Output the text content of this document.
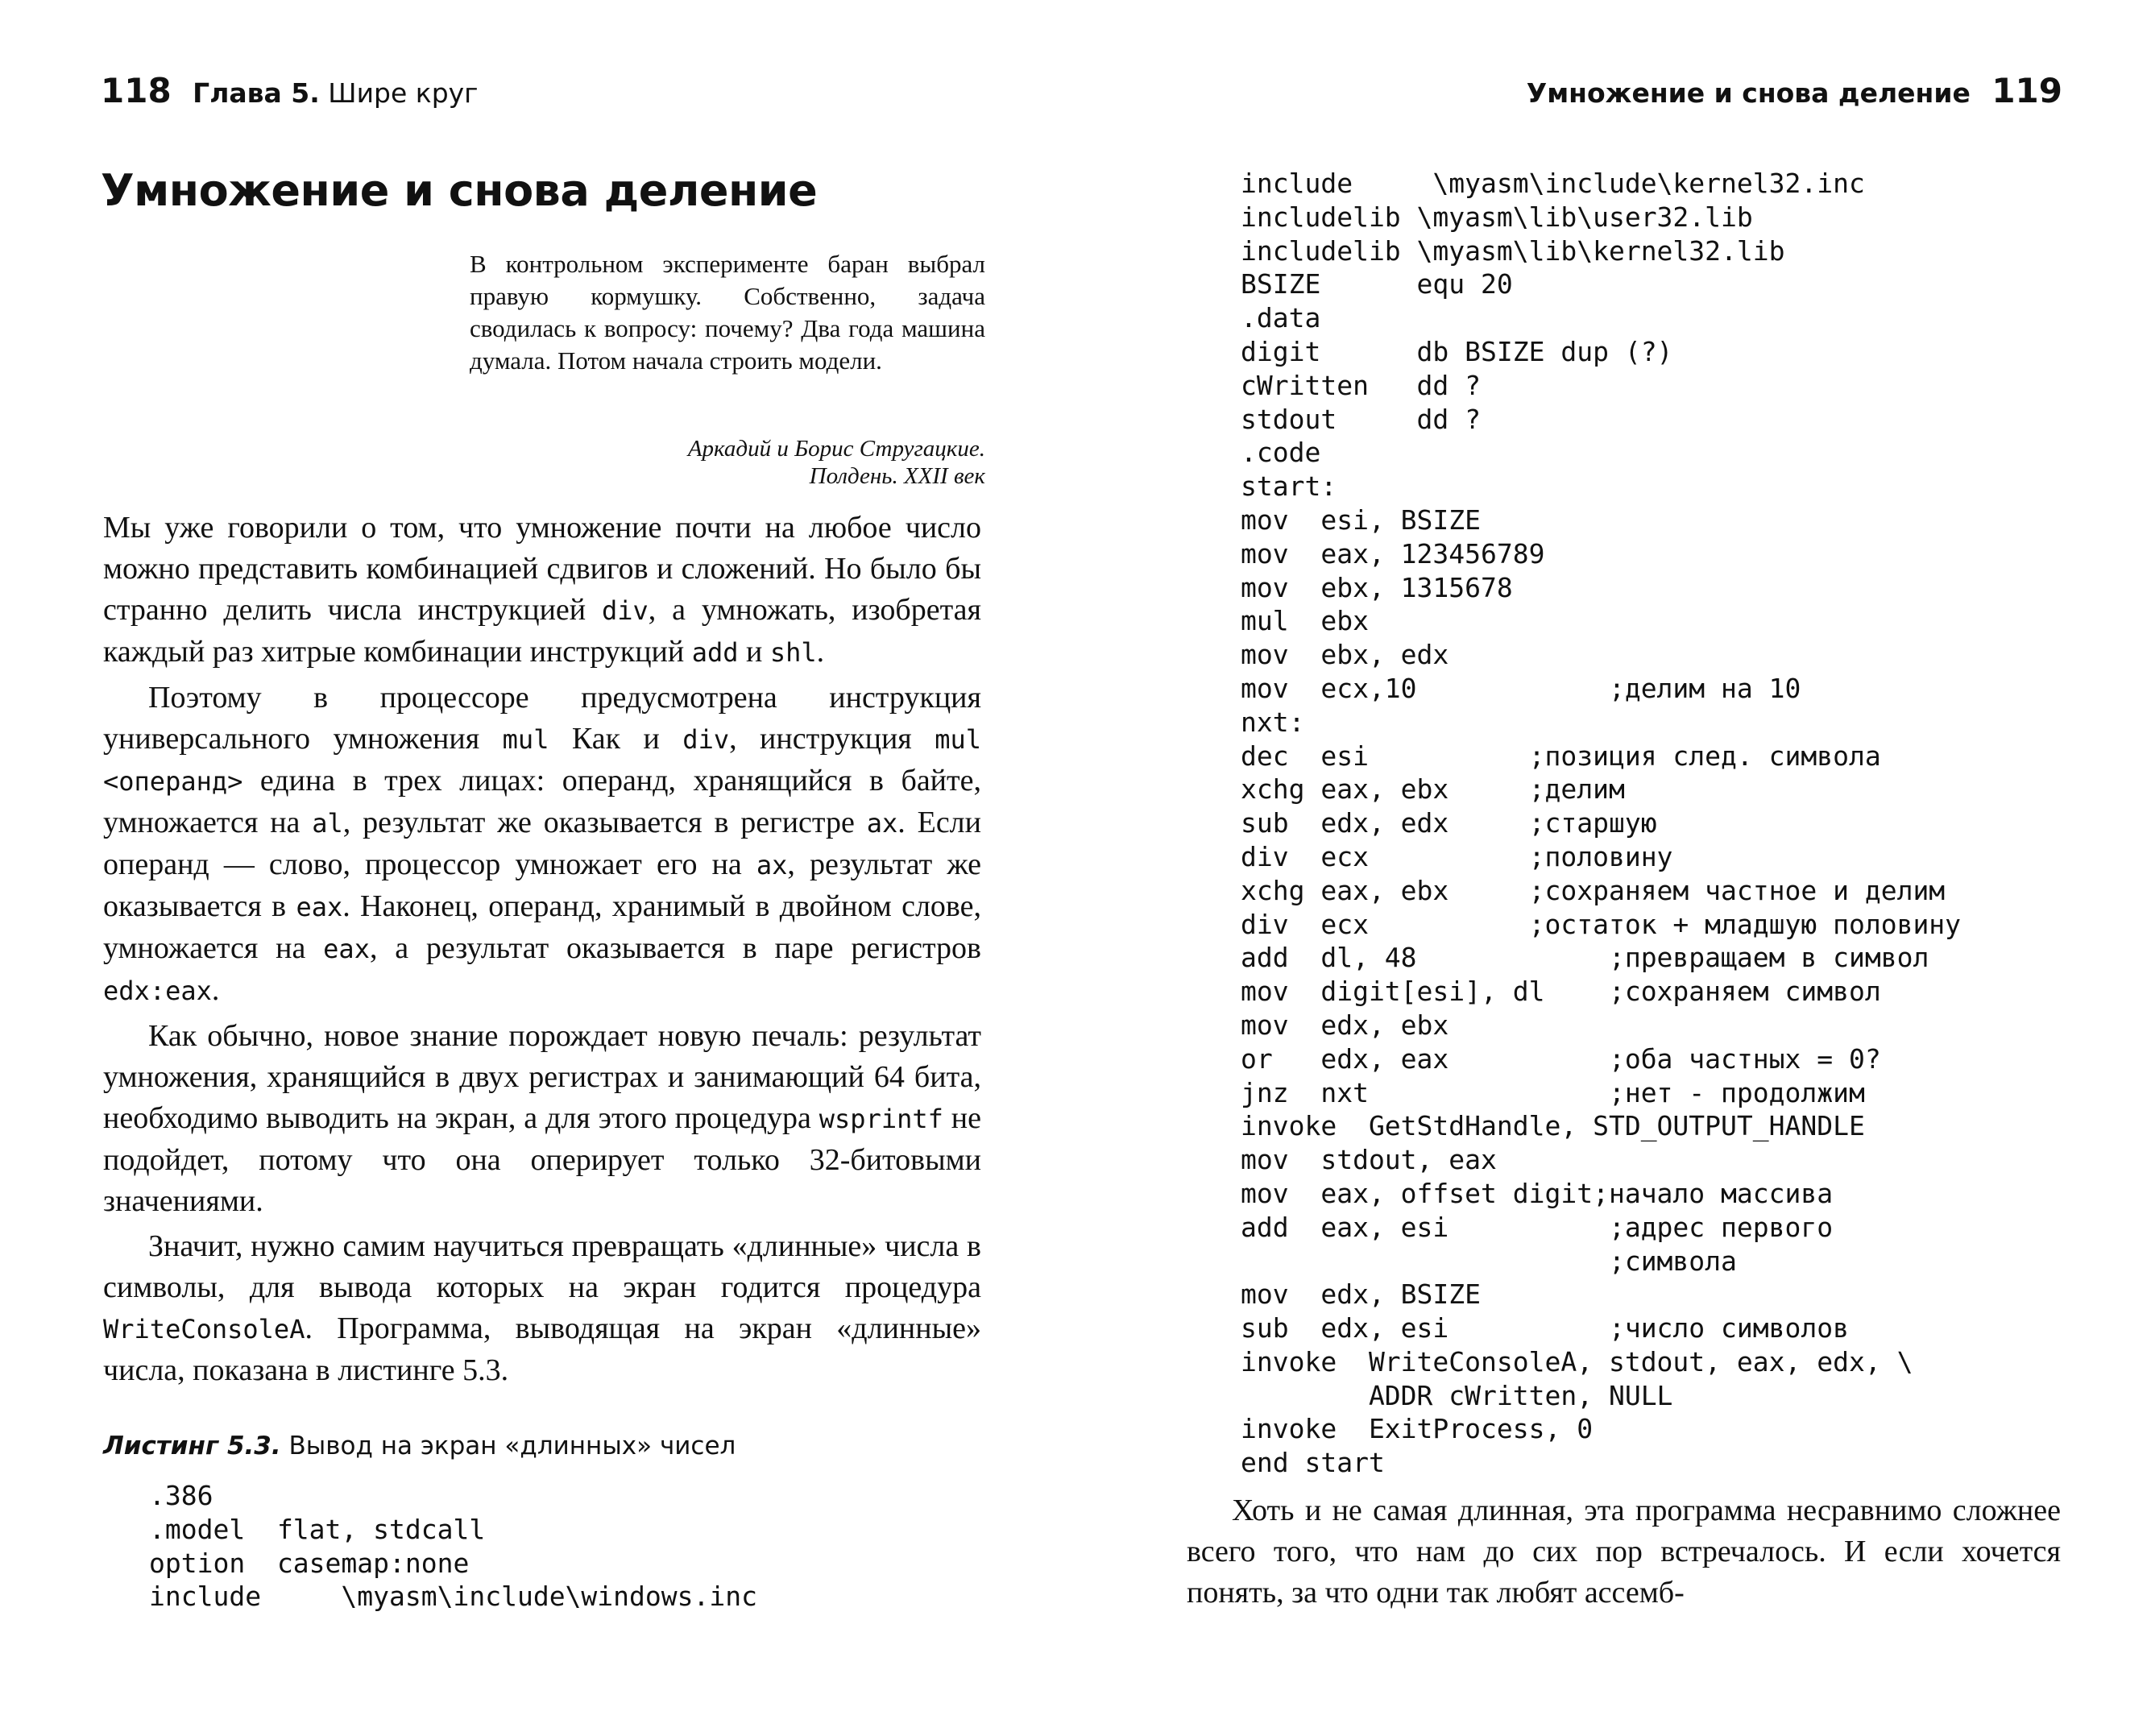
118 Глава 5. Шире круг
Умножение и снова деление
В контрольном эксперименте баран выбрал правую кормушку. Собственно, задача сводилась к вопросу: почему? Два года машина думала. Потом начала строить модели.
Аркадий и Борис Стругацкие.
Полдень. XXII век

Мы уже говорили о том, что умножение почти на любое число можно представить комбинацией сдвигов и сложений. Но было бы странно делить числа инструкцией div, а умножать, изобретая каждый раз хитрые комбинации инструкций add и shl.

Поэтому в процессоре предусмотрена инструкция универсального умножения mul Как и div, инструкция mul <операнд> едина в трех лицах: операнд, хранящийся в байте, умножается на al, результат же оказывается в регистре ax. Если операнд — слово, процессор умножает его на ax, результат же оказывается в eax. Наконец, операнд, хранимый в двойном слове, умножается на eax, а результат оказывается в паре регистров edx:eax.

Как обычно, новое знание порождает новую печаль: результат умножения, хранящийся в двух регистрах и занимающий 64 бита, необходимо выводить на экран, а для этого процедура wsprintf не подойдет, потому что она оперирует только 32-битовыми значениями.

Значит, нужно самим научиться превращать «длинные» числа в символы, для вывода которых на экран годится процедура WriteConsoleA. Программа, выводящая на экран «длинные» числа, показана в листинге 5.3.

Листинг 5.3. Вывод на экран «длинных» чисел
.386
.model  flat, stdcall
option  casemap:none
include     \myasm\include\windows.inc
Умножение и снова деление 119
include     \myasm\include\kernel32.inc
includelib \myasm\lib\user32.lib
includelib \myasm\lib\kernel32.lib
BSIZE      equ 20
.data
digit      db BSIZE dup (?)
cWritten   dd ?
stdout     dd ?
.code
start:
mov  esi, BSIZE
mov  eax, 123456789
mov  ebx, 1315678
mul  ebx
mov  ebx, edx
mov  ecx,10            ;делим на 10
nxt:
dec  esi          ;позиция след. символа
xchg eax, ebx     ;делим
sub  edx, edx     ;старшую
div  ecx          ;половину
xchg eax, ebx     ;сохраняем частное и делим
div  ecx          ;остаток + младшую половину
add  dl, 48            ;превращаем в символ
mov  digit[esi], dl    ;сохраняем символ
mov  edx, ebx
or   edx, eax          ;оба частных = 0?
jnz  nxt               ;нет - продолжим
invoke  GetStdHandle, STD_OUTPUT_HANDLE
mov  stdout, eax
mov  eax, offset digit;начало массива
add  eax, esi          ;адрес первого
;символа
mov  edx, BSIZE
sub  edx, esi          ;число символов
invoke  WriteConsoleA, stdout, eax, edx, \
ADDR cWritten, NULL
invoke  ExitProcess, 0
end start

Хоть и не самая длинная, эта программа несравнимо сложнее всего того, что нам до сих пор встречалось. И если хочется понять, за что одни так любят ассемб-
